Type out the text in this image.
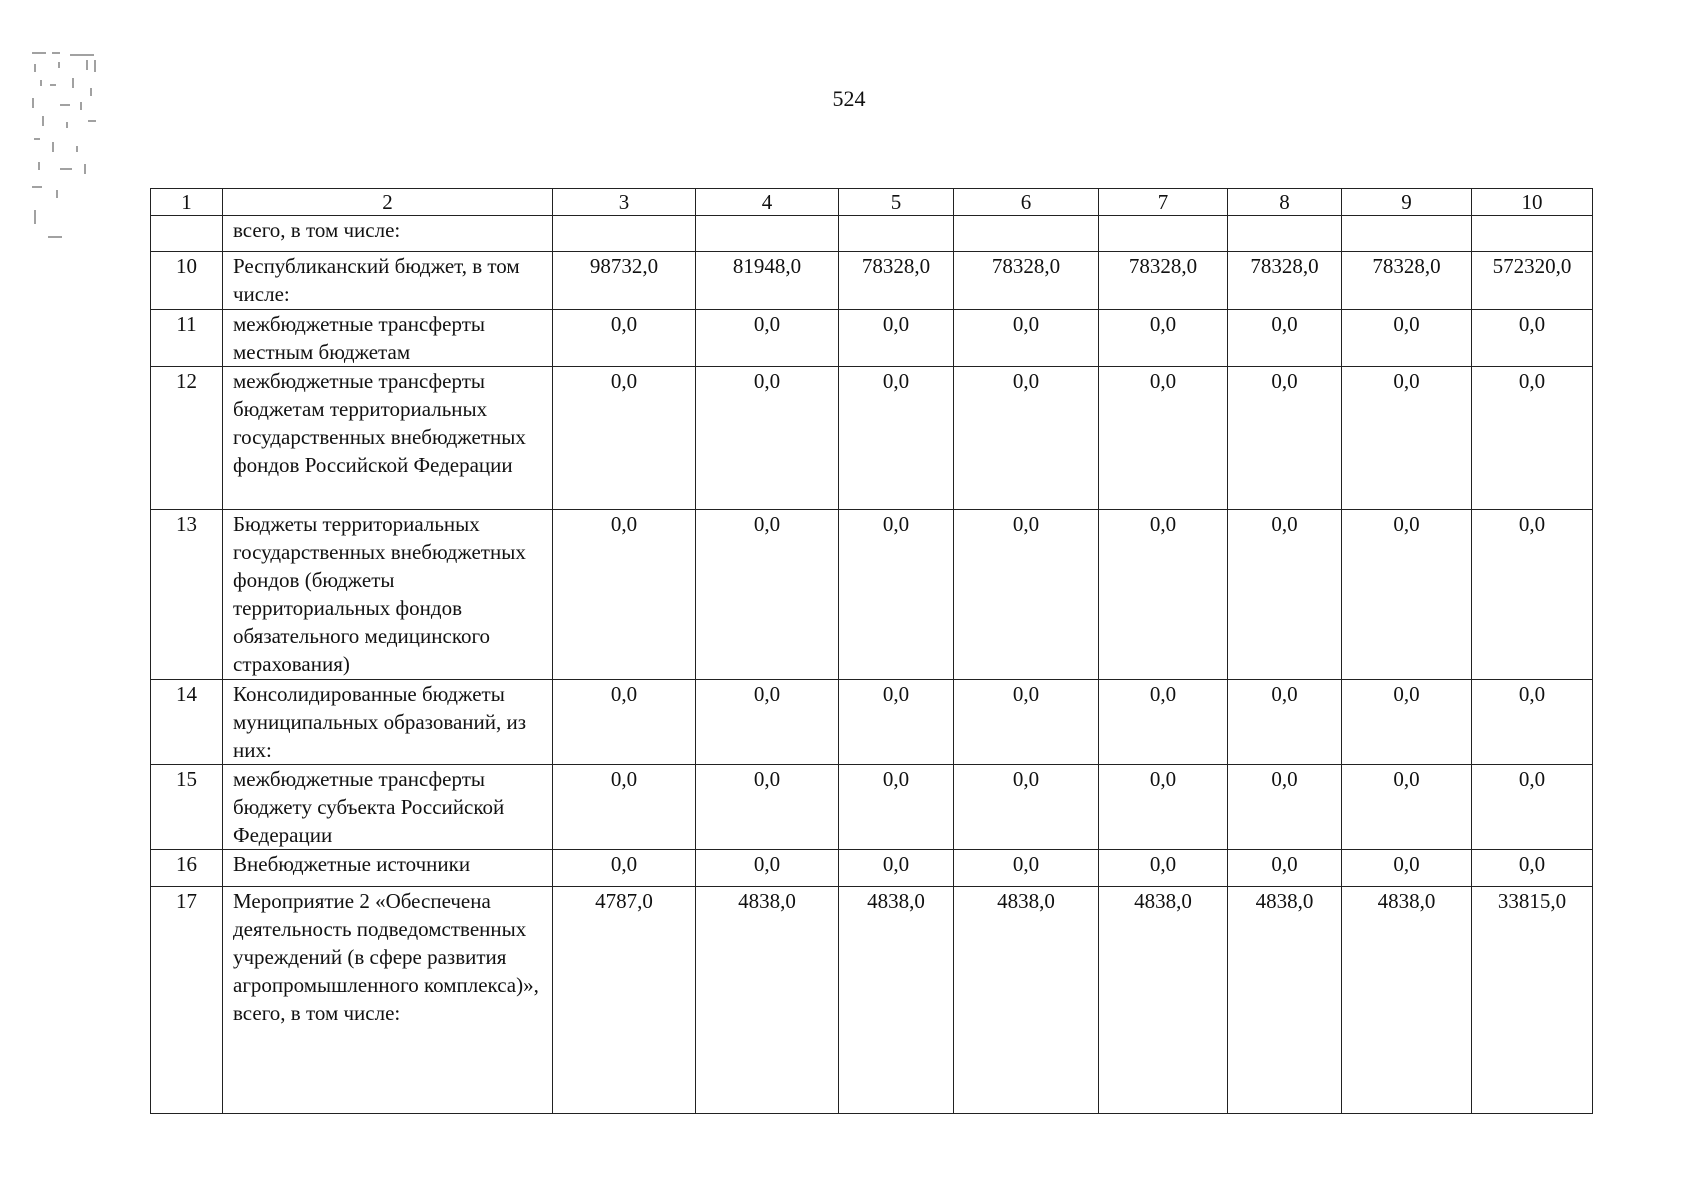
524
1	2	3	4	5	6	7	8	9	10
	всего, в том числе:								
10	Республиканский бюджет, в том числе:	98732,0	81948,0	78328,0	78328,0	78328,0	78328,0	78328,0	572320,0
11	межбюджетные трансферты местным бюджетам	0,0	0,0	0,0	0,0	0,0	0,0	0,0	0,0
12	межбюджетные трансферты бюджетам территориальных государственных внебюджетных фондов Российской Федерации	0,0	0,0	0,0	0,0	0,0	0,0	0,0	0,0
13	Бюджеты территориальных государственных внебюджетных фондов (бюджеты территориальных фондов обязательного медицинского страхования)	0,0	0,0	0,0	0,0	0,0	0,0	0,0	0,0
14	Консолидированные бюджеты муниципальных образований, из них:	0,0	0,0	0,0	0,0	0,0	0,0	0,0	0,0
15	межбюджетные трансферты бюджету субъекта Российской Федерации	0,0	0,0	0,0	0,0	0,0	0,0	0,0	0,0
16	Внебюджетные источники	0,0	0,0	0,0	0,0	0,0	0,0	0,0	0,0
17	Мероприятие 2 «Обеспечена деятельность подведомственных учреждений (в сфере развития агропромышленного комплекса)», всего, в том числе:	4787,0	4838,0	4838,0	4838,0	4838,0	4838,0	4838,0	33815,0
